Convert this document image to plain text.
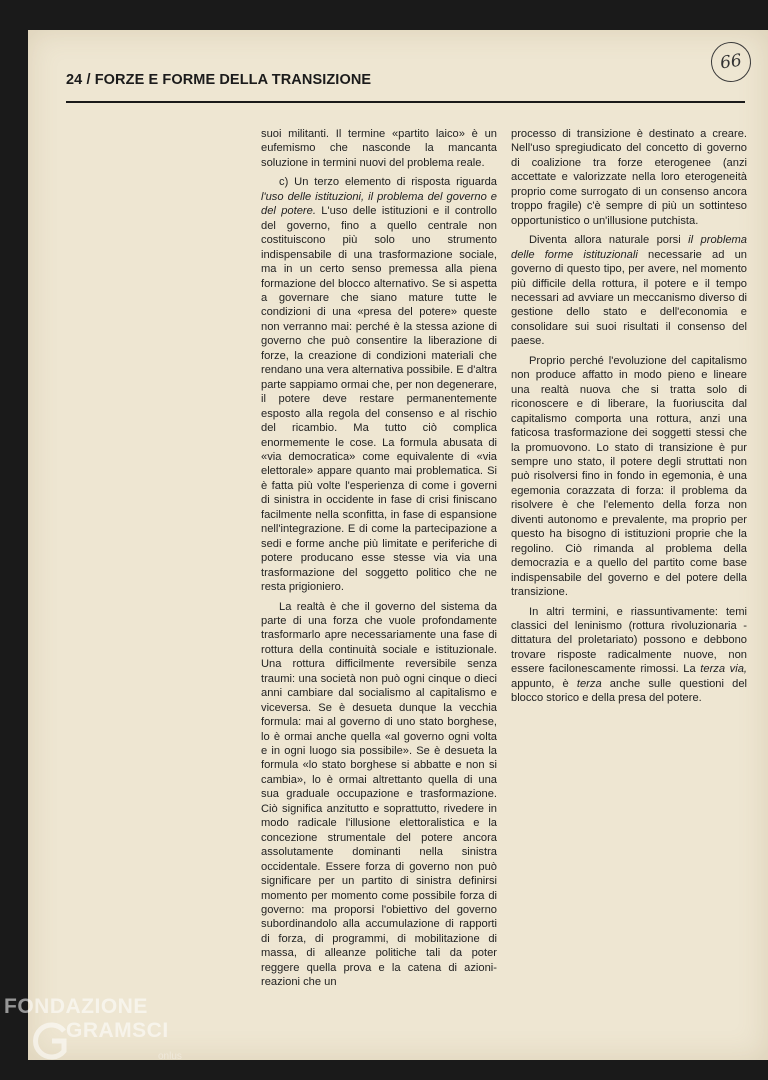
66
24 / FORZE E FORME DELLA TRANSIZIONE

suoi militanti. Il termine «partito laico» è un eufemismo che nasconde la mancanta soluzione in termini nuovi del problema reale.

c) Un terzo elemento di risposta riguarda l'uso delle istituzioni, il problema del governo e del potere. L'uso delle istituzioni e il controllo del governo, fino a quello centrale non costituiscono più solo uno strumento indispensabile di una trasformazione sociale, ma in un certo senso premessa alla piena formazione del blocco alternativo. Se si aspetta a governare che siano mature tutte le condizioni di una «presa del potere» queste non verranno mai: perché è la stessa azione di governo che può consentire la liberazione di forze, la creazione di condizioni materiali che rendano una vera alternativa possibile. E d'altra parte sappiamo ormai che, per non degenerare, il potere deve restare permanentemente esposto alla regola del consenso e al rischio del ricambio. Ma tutto ciò complica enormemente le cose. La formula abusata di «via democratica» come equivalente di «via elettorale» appare quanto mai problematica. Si è fatta più volte l'esperienza di come i governi di sinistra in occidente in fase di crisi finiscano facilmente nella sconfitta, in fase di espansione nell'integrazione. E di come la partecipazione a sedi e forme anche più limitate e periferiche di potere producano esse stesse via via una trasformazione del soggetto politico che ne resta prigioniero.

La realtà è che il governo del sistema da parte di una forza che vuole profondamente trasformarlo apre necessariamente una fase di rottura della continuità sociale e istituzionale. Una rottura difficilmente reversibile senza traumi: una società non può ogni cinque o dieci anni cambiare dal socialismo al capitalismo e viceversa. Se è desueta dunque la vecchia formula: mai al governo di uno stato borghese, lo è ormai anche quella «al governo ogni volta e in ogni luogo sia possibile». Se è desueta la formula «lo stato borghese si abbatte e non si cambia», lo è ormai altrettanto quella di una sua graduale occupazione e trasformazione. Ciò significa anzitutto e soprattutto, rivedere in modo radicale l'illusione elettoralistica e la concezione strumentale del potere ancora assolutamente dominanti nella sinistra occidentale. Essere forza di governo non può significare per un partito di sinistra definirsi momento per momento come possibile forza di governo: ma proporsi l'obiettivo del governo subordinandolo alla accumulazione di rapporti di forza, di programmi, di mobilitazione di massa, di alleanze politiche tali da poter reggere quella prova e la catena di azioni-reazioni che un

processo di transizione è destinato a creare. Nell'uso spregiudicato del concetto di governo di coalizione tra forze eterogenee (anzi accettate e valorizzate nella loro eterogeneità proprio come surrogato di un consenso ancora troppo fragile) c'è sempre di più un sottinteso opportunistico o un'illusione putchista.

Diventa allora naturale porsi il problema delle forme istituzionali necessarie ad un governo di questo tipo, per avere, nel momento più difficile della rottura, il potere e il tempo necessari ad avviare un meccanismo diverso di gestione dello stato e dell'economia e consolidare sui suoi risultati il consenso del paese.

Proprio perché l'evoluzione del capitalismo non produce affatto in modo pieno e lineare una realtà nuova che si tratta solo di riconoscere e di liberare, la fuoriuscita dal capitalismo comporta una rottura, anzi una faticosa trasformazione dei soggetti stessi che la promuovono. Lo stato di transizione è pur sempre uno stato, il potere degli struttati non può risolversi fino in fondo in egemonia, è una egemonia corazzata di forza: il problema da risolvere è che l'elemento della forza non diventi autonomo e prevalente, ma proprio per questo ha bisogno di istituzioni proprie che la regolino. Ciò rimanda al problema della democrazia e a quello del partito come base indispensabile del governo e del potere della transizione.

In altri termini, e riassuntivamente: temi classici del leninismo (rottura rivoluzionaria - dittatura del proletariato) possono e debbono trovare risposte radicalmente nuove, non essere facilonescamente rimossi. La terza via, appunto, è terza anche sulle questioni del blocco storico e della presa del potere.

FONDAZIONE
GRAMSCI
onlus
